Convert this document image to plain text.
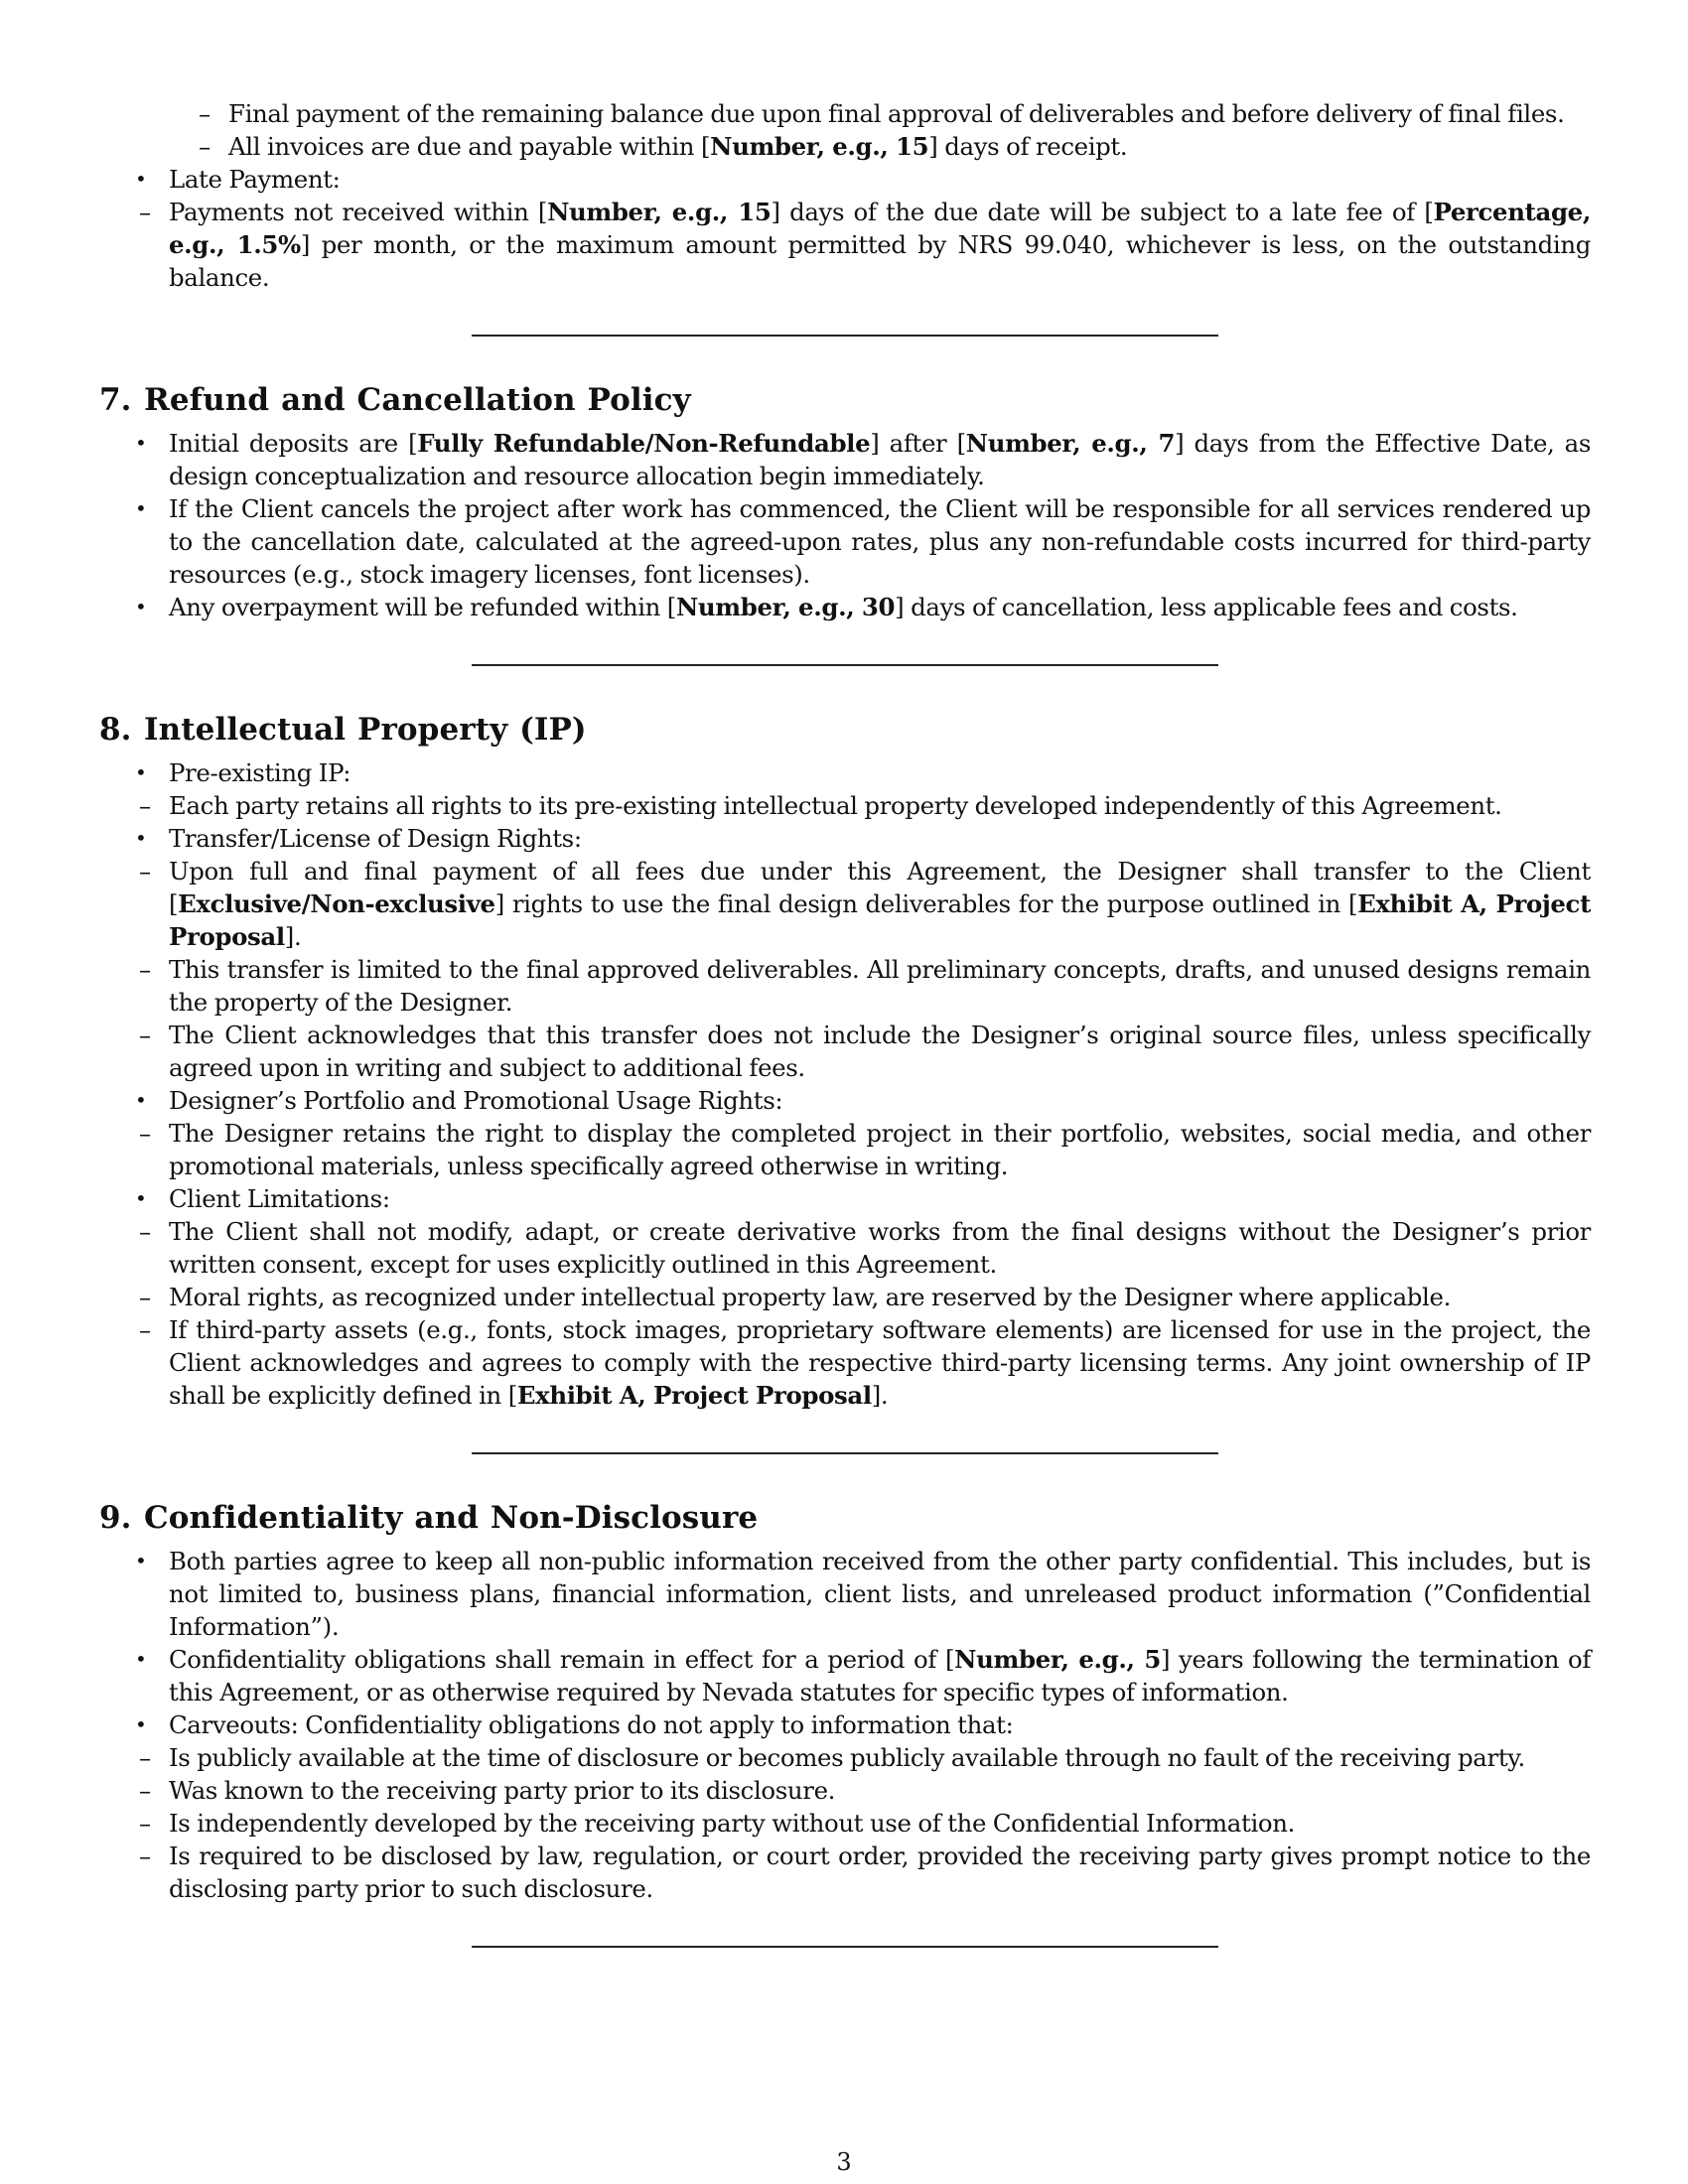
– Final payment of the remaining balance due upon final approval of deliverables and before delivery of final files.
– All invoices are due and payable within [Number, e.g., 15] days of receipt.
• Late Payment:
– Payments not received within [Number, e.g., 15] days of the due date will be subject to a late fee of [Percentage, e.g., 1.5%] per month, or the maximum amount permitted by NRS 99.040, whichever is less, on the outstanding balance.
7. Refund and Cancellation Policy
• Initial deposits are [Fully Refundable/Non-Refundable] after [Number, e.g., 7] days from the Effective Date, as design conceptualization and resource allocation begin immediately.
• If the Client cancels the project after work has commenced, the Client will be responsible for all services rendered up to the cancellation date, calculated at the agreed-upon rates, plus any non-refundable costs incurred for third-party resources (e.g., stock imagery licenses, font licenses).
• Any overpayment will be refunded within [Number, e.g., 30] days of cancellation, less applicable fees and costs.
8. Intellectual Property (IP)
• Pre-existing IP:
– Each party retains all rights to its pre-existing intellectual property developed independently of this Agreement.
• Transfer/License of Design Rights:
– Upon full and final payment of all fees due under this Agreement, the Designer shall transfer to the Client [Exclusive/Non-exclusive] rights to use the final design deliverables for the purpose outlined in [Exhibit A, Project Proposal].
– This transfer is limited to the final approved deliverables. All preliminary concepts, drafts, and unused designs remain the property of the Designer.
– The Client acknowledges that this transfer does not include the Designer’s original source files, unless specifically agreed upon in writing and subject to additional fees.
• Designer’s Portfolio and Promotional Usage Rights:
– The Designer retains the right to display the completed project in their portfolio, websites, social media, and other promotional materials, unless specifically agreed otherwise in writing.
• Client Limitations:
– The Client shall not modify, adapt, or create derivative works from the final designs without the Designer’s prior written consent, except for uses explicitly outlined in this Agreement.
– Moral rights, as recognized under intellectual property law, are reserved by the Designer where applicable.
– If third-party assets (e.g., fonts, stock images, proprietary software elements) are licensed for use in the project, the Client acknowledges and agrees to comply with the respective third-party licensing terms. Any joint ownership of IP shall be explicitly defined in [Exhibit A, Project Proposal].
9. Confidentiality and Non-Disclosure
• Both parties agree to keep all non-public information received from the other party confidential. This includes, but is not limited to, business plans, financial information, client lists, and unreleased product information (”Confidential Information”).
• Confidentiality obligations shall remain in effect for a period of [Number, e.g., 5] years following the termination of this Agreement, or as otherwise required by Nevada statutes for specific types of information.
• Carveouts: Confidentiality obligations do not apply to information that:
– Is publicly available at the time of disclosure or becomes publicly available through no fault of the receiving party.
– Was known to the receiving party prior to its disclosure.
– Is independently developed by the receiving party without use of the Confidential Information.
– Is required to be disclosed by law, regulation, or court order, provided the receiving party gives prompt notice to the disclosing party prior to such disclosure.
3
